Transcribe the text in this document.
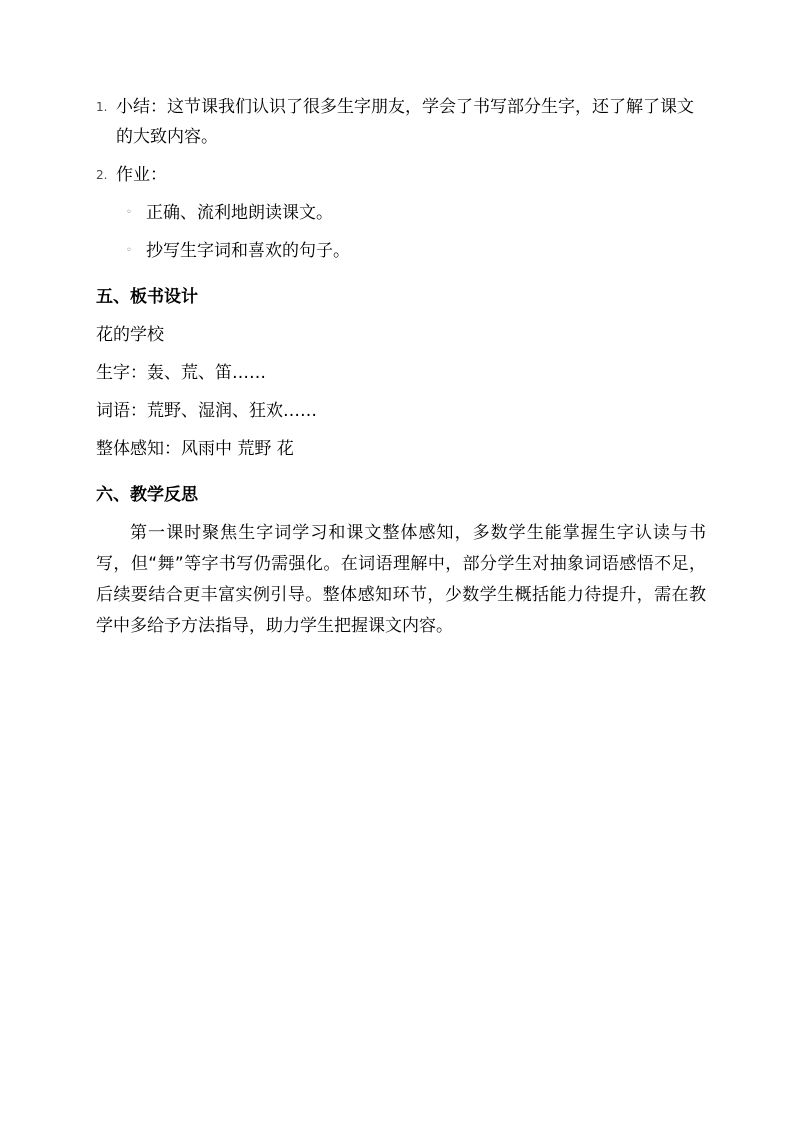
1. 小结：这节课我们认识了很多生字朋友，学会了书写部分生字，还了解了课文的大致内容。
2. 作业：
◦ 正确、流利地朗读课文。
◦ 抄写生字词和喜欢的句子。
五、板书设计
花的学校
生字：轰、荒、笛……
词语：荒野、湿润、狂欢……
整体感知：风雨中 荒野 花
六、教学反思
第一课时聚焦生字词学习和课文整体感知，多数学生能掌握生字认读与书写，但“舞”等字书写仍需强化。在词语理解中，部分学生对抽象词语感悟不足，后续要结合更丰富实例引导。整体感知环节，少数学生概括能力待提升，需在教学中多给予方法指导，助力学生把握课文内容。
